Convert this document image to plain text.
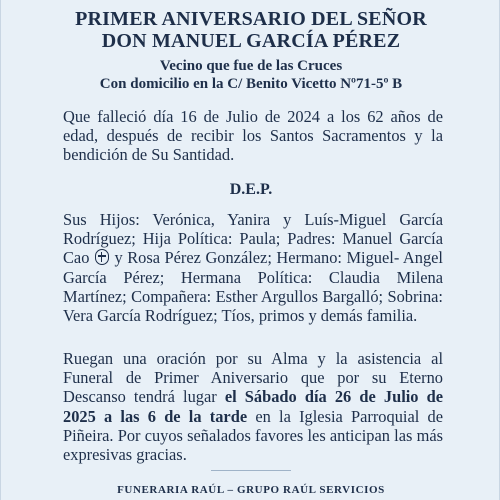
PRIMER ANIVERSARIO DEL SEÑOR
DON MANUEL GARCÍA PÉREZ
Vecino que fue de las Cruces
Con domicilio en la C/ Benito Vicetto Nº71-5º B
Que falleció día 16 de Julio de 2024 a los 62 años de edad, después de recibir los Santos Sacramentos y la bendición de Su Santidad.
D.E.P.
Sus Hijos: Verónica, Yanira y Luís-Miguel García Rodríguez; Hija Política: Paula; Padres: Manuel García Cao y Rosa Pérez González; Hermano: Miguel- Angel García Pérez; Hermana Política: Claudia Milena Martínez; Compañera: Esther Argullos Bargalló; Sobrina: Vera García Rodríguez; Tíos, primos y demás familia.
Ruegan una oración por su Alma y la asistencia al Funeral de Primer Aniversario que por su Eterno Descanso tendrá lugar el Sábado día 26 de Julio de 2025 a las 6 de la tarde en la Iglesia Parroquial de Piñeira. Por cuyos señalados favores les anticipan las más expresivas gracias.
FUNERARIA RAÚL – GRUPO RAÚL SERVICIOS
